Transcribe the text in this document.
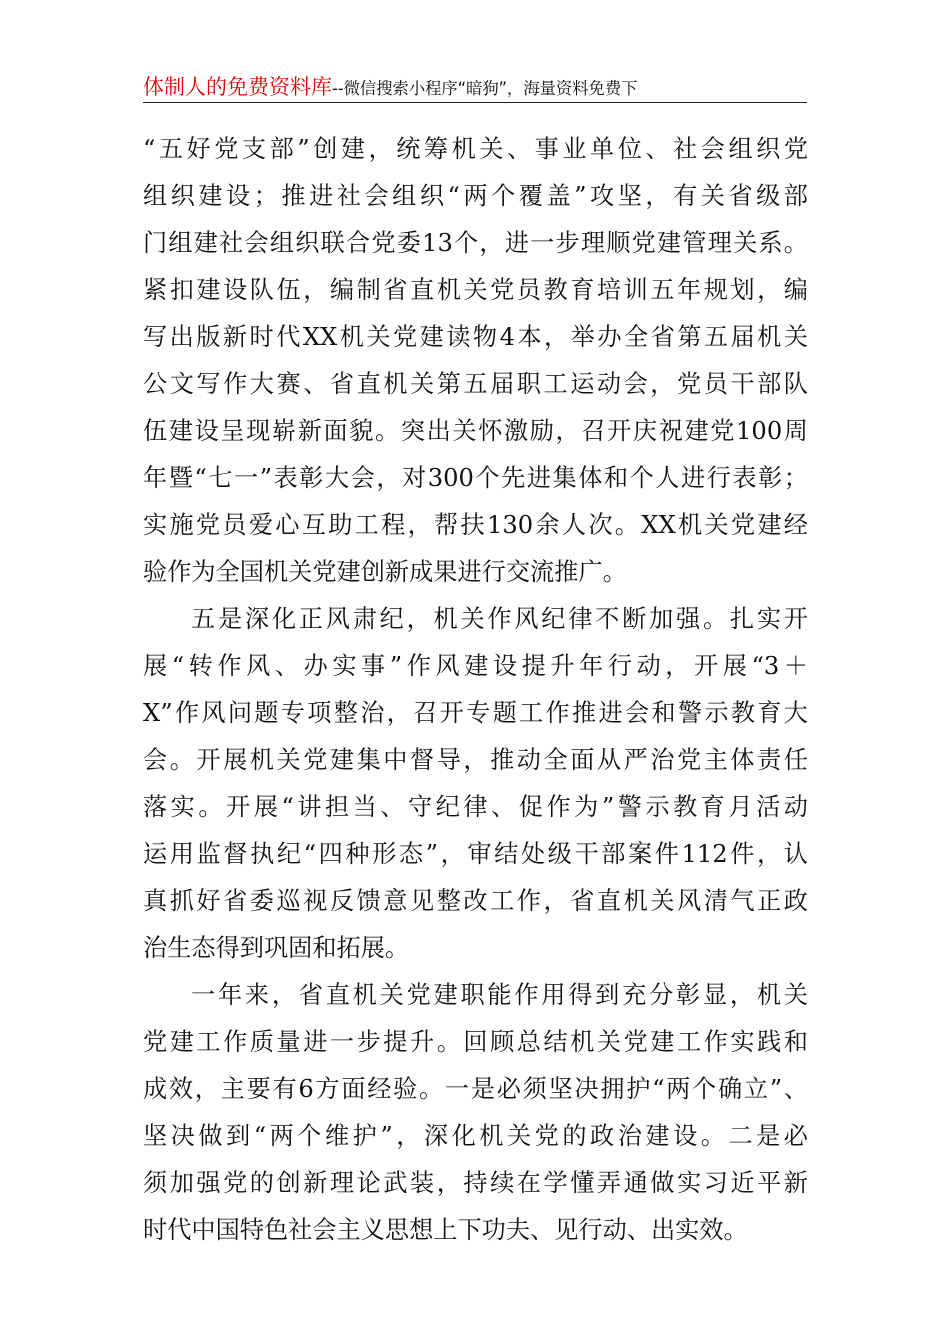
体制人的免费资料库--微信搜索小程序“暗狗”，海量资料免费下
“五好党支部”创建，统筹机关、事业单位、社会组织党
组织建设；推进社会组织“两个覆盖”攻坚，有关省级部
门组建社会组织联合党委13个，进一步理顺党建管理关系。
紧扣建设队伍，编制省直机关党员教育培训五年规划，编
写出版新时代XX机关党建读物4本，举办全省第五届机关
公文写作大赛、省直机关第五届职工运动会，党员干部队
伍建设呈现崭新面貌。突出关怀激励，召开庆祝建党100周
年暨“七一”表彰大会，对300个先进集体和个人进行表彰；
实施党员爱心互助工程，帮扶130余人次。XX机关党建经
验作为全国机关党建创新成果进行交流推广。
五是深化正风肃纪，机关作风纪律不断加强。扎实开
展“转作风、办实事”作风建设提升年行动，开展“3＋
X”作风问题专项整治，召开专题工作推进会和警示教育大
会。开展机关党建集中督导，推动全面从严治党主体责任
落实。开展“讲担当、守纪律、促作为”警示教育月活动
运用监督执纪“四种形态”，审结处级干部案件112件，认
真抓好省委巡视反馈意见整改工作，省直机关风清气正政
治生态得到巩固和拓展。
一年来，省直机关党建职能作用得到充分彰显，机关
党建工作质量进一步提升。回顾总结机关党建工作实践和
成效，主要有6方面经验。一是必须坚决拥护“两个确立”、
坚决做到“两个维护”，深化机关党的政治建设。二是必
须加强党的创新理论武装，持续在学懂弄通做实习近平新
时代中国特色社会主义思想上下功夫、见行动、出实效。
